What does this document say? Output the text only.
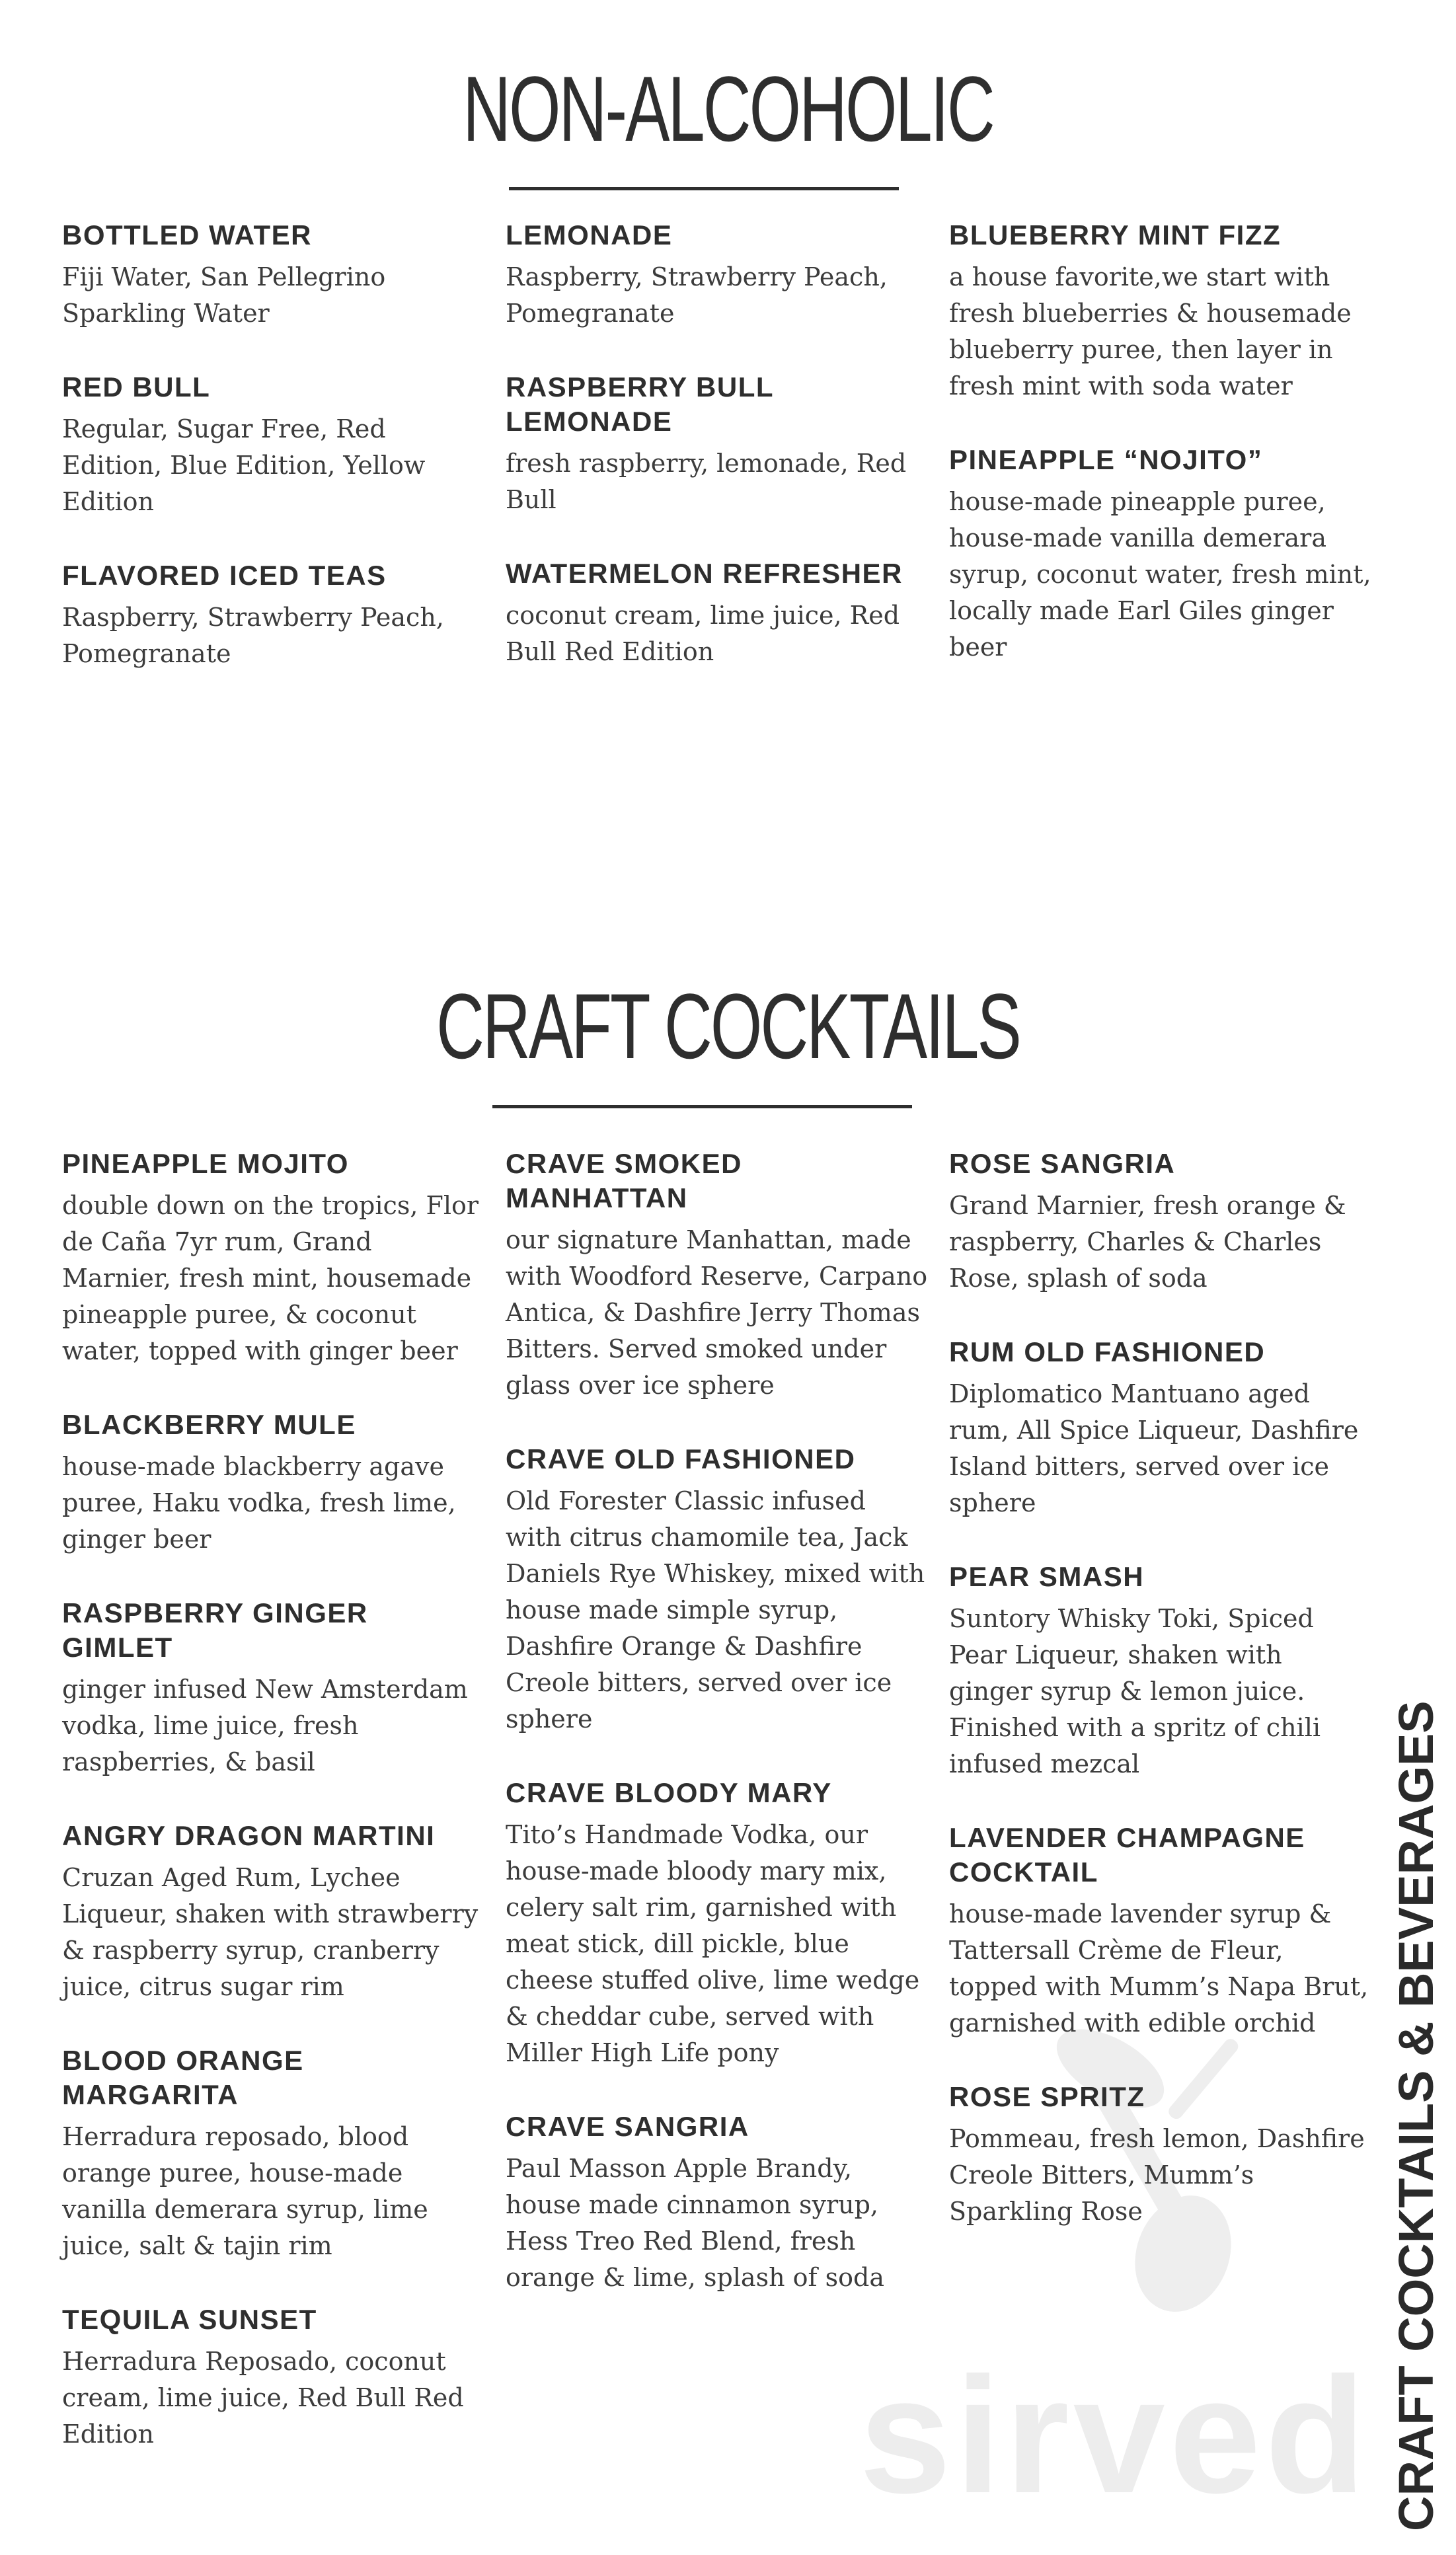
sirved
NON-ALCOHOLIC
BOTTLED WATER
Fiji Water, San Pellegrino Sparkling Water
RED BULL
Regular, Sugar Free, Red Edition, Blue Edition, Yellow Edition
FLAVORED ICED TEAS
Raspberry, Strawberry Peach, Pomegranate
LEMONADE
Raspberry, Strawberry Peach, Pomegranate
RASPBERRY BULL LEMONADE
fresh raspberry, lemonade, Red Bull
WATERMELON REFRESHER
coconut cream, lime juice, Red Bull Red Edition
BLUEBERRY MINT FIZZ
a house favorite,we start with fresh blueberries & housemade blueberry puree, then layer in fresh mint with soda water
PINEAPPLE “NOJITO”
house-made pineapple puree, house-made vanilla demerara syrup, coconut water, fresh mint, locally made Earl Giles ginger beer
CRAFT COCKTAILS
PINEAPPLE MOJITO
double down on the tropics, Flor de Caña 7yr rum, Grand Marnier, fresh mint, housemade pineapple puree, & coconut water, topped with ginger beer
BLACKBERRY MULE
house-made blackberry agave puree, Haku vodka, fresh lime, ginger beer
RASPBERRY GINGER GIMLET
ginger infused New Amsterdam vodka, lime juice, fresh raspberries, & basil
ANGRY DRAGON MARTINI
Cruzan Aged Rum, Lychee Liqueur, shaken with strawberry & raspberry syrup, cranberry juice, citrus sugar rim
BLOOD ORANGE MARGARITA
Herradura reposado, blood orange puree, house-made vanilla demerara syrup, lime juice, salt & tajin rim
TEQUILA SUNSET
Herradura Reposado, coconut cream, lime juice, Red Bull Red Edition
CRAVE SMOKED MANHATTAN
our signature Manhattan, made with Woodford Reserve, Carpano Antica, & Dashfire Jerry Thomas Bitters. Served smoked under glass over ice sphere
CRAVE OLD FASHIONED
Old Forester Classic infused with citrus chamomile tea, Jack Daniels Rye Whiskey, mixed with house made simple syrup, Dashfire Orange & Dashfire Creole bitters, served over ice sphere
CRAVE BLOODY MARY
Tito’s Handmade Vodka, our house-made bloody mary mix, celery salt rim, garnished with meat stick, dill pickle, blue cheese stuffed olive, lime wedge & cheddar cube, served with Miller High Life pony
CRAVE SANGRIA
Paul Masson Apple Brandy, house made cinnamon syrup, Hess Treo Red Blend, fresh orange & lime, splash of soda
ROSE SANGRIA
Grand Marnier, fresh orange & raspberry, Charles & Charles Rose, splash of soda
RUM OLD FASHIONED
Diplomatico Mantuano aged rum, All Spice Liqueur, Dashfire Island bitters, served over ice sphere
PEAR SMASH
Suntory Whisky Toki, Spiced Pear Liqueur, shaken with ginger syrup & lemon juice. Finished with a spritz of chili infused mezcal
LAVENDER CHAMPAGNE COCKTAIL
house-made lavender syrup & Tattersall Crème de Fleur, topped with Mumm’s Napa Brut, garnished with edible orchid
ROSE SPRITZ
Pommeau, fresh lemon, Dashfire Creole Bitters, Mumm’s Sparkling Rose	CRAFT COCKTAILS & BEVERAGES
